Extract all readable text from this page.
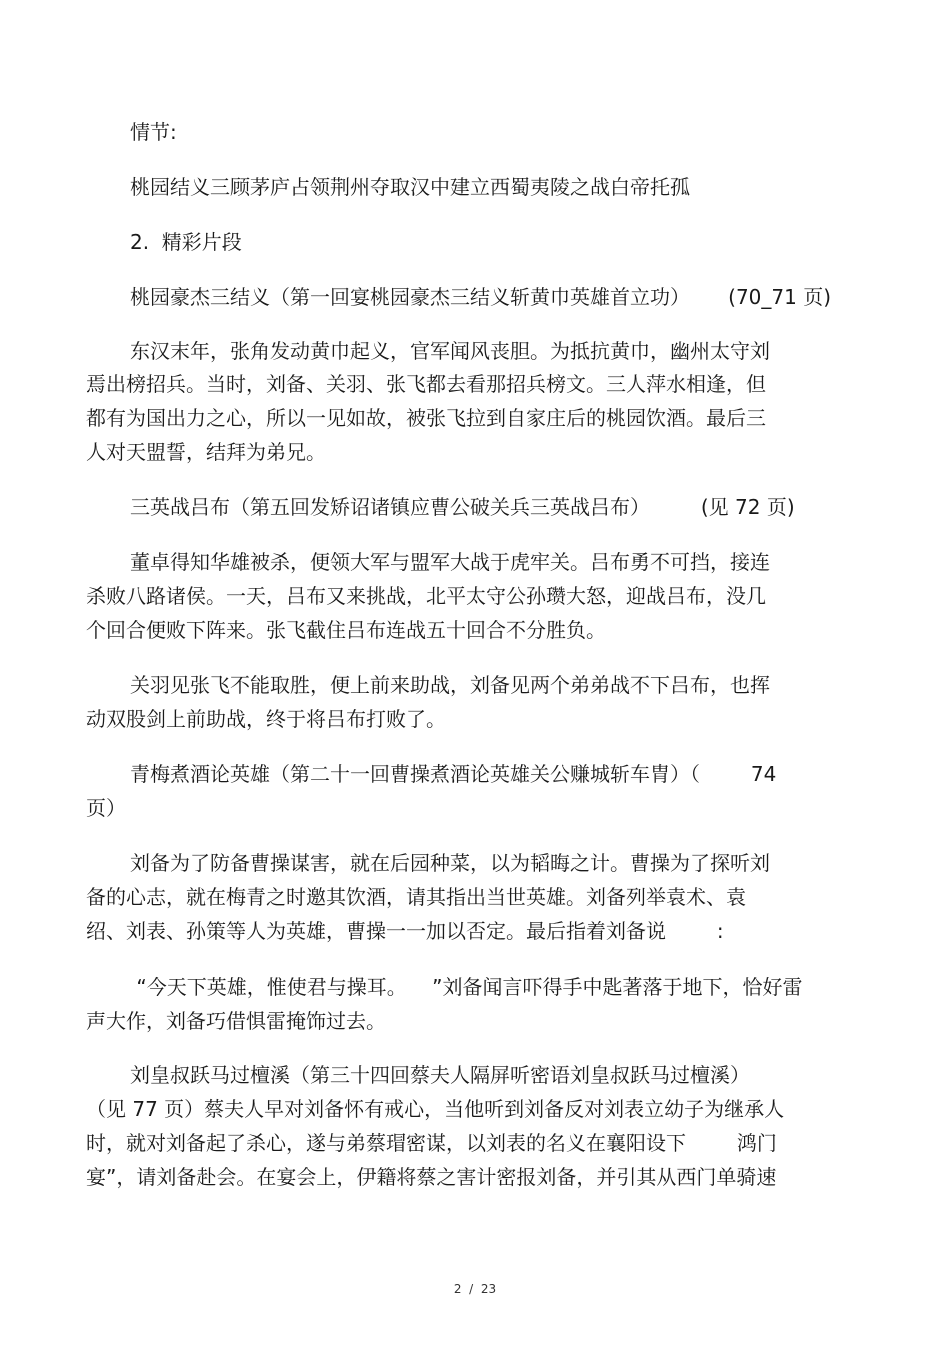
情节:

桃园结义三顾茅庐占领荆州夺取汉中建立西蜀夷陵之战白帝托孤

2.  精彩片段

桃园豪杰三结义（第一回宴桃园豪杰三结义斩黄巾英雄首立功）      (70_71 页)

东汉末年，张角发动黄巾起义，官军闻风丧胆。为抵抗黄巾，幽州太守刘

焉出榜招兵。当时，刘备、关羽、张飞都去看那招兵榜文。三人萍水相逢，但

都有为国出力之心，所以一见如故，被张飞拉到自家庄后的桃园饮酒。最后三

人对天盟誓，结拜为弟兄。

三英战吕布（第五回发矫诏诸镇应曹公破关兵三英战吕布）        (见 72 页)

董卓得知华雄被杀，便领大军与盟军大战于虎牢关。吕布勇不可挡，接连

杀败八路诸侯。一天，吕布又来挑战，北平太守公孙瓒大怒，迎战吕布，没几

个回合便败下阵来。张飞截住吕布连战五十回合不分胜负。

关羽见张飞不能取胜，便上前来助战，刘备见两个弟弟战不下吕布，也挥

动双股剑上前助战，终于将吕布打败了。

青梅煮酒论英雄（第二十一回曹操煮酒论英雄关公赚城斩车胄）（        74

页）

刘备为了防备曹操谋害，就在后园种菜，以为韬晦之计。曹操为了探听刘

备的心志，就在梅青之时邀其饮酒，请其指出当世英雄。刘备列举袁术、袁

绍、刘表、孙策等人为英雄，曹操一一加以否定。最后指着刘备说        :

“今天下英雄，惟使君与操耳。    ”刘备闻言吓得手中匙著落于地下，恰好雷

声大作，刘备巧借惧雷掩饰过去。

刘皇叔跃马过檀溪（第三十四回蔡夫人隔屏听密语刘皇叔跃马过檀溪）

（见 77 页）蔡夫人早对刘备怀有戒心，当他听到刘备反对刘表立幼子为继承人

时，就对刘备起了杀心，遂与弟蔡瑁密谋，以刘表的名义在襄阳设下        鸿门

宴”，请刘备赴会。在宴会上，伊籍将蔡之害计密报刘备，并引其从西门单骑速

2  /  23
